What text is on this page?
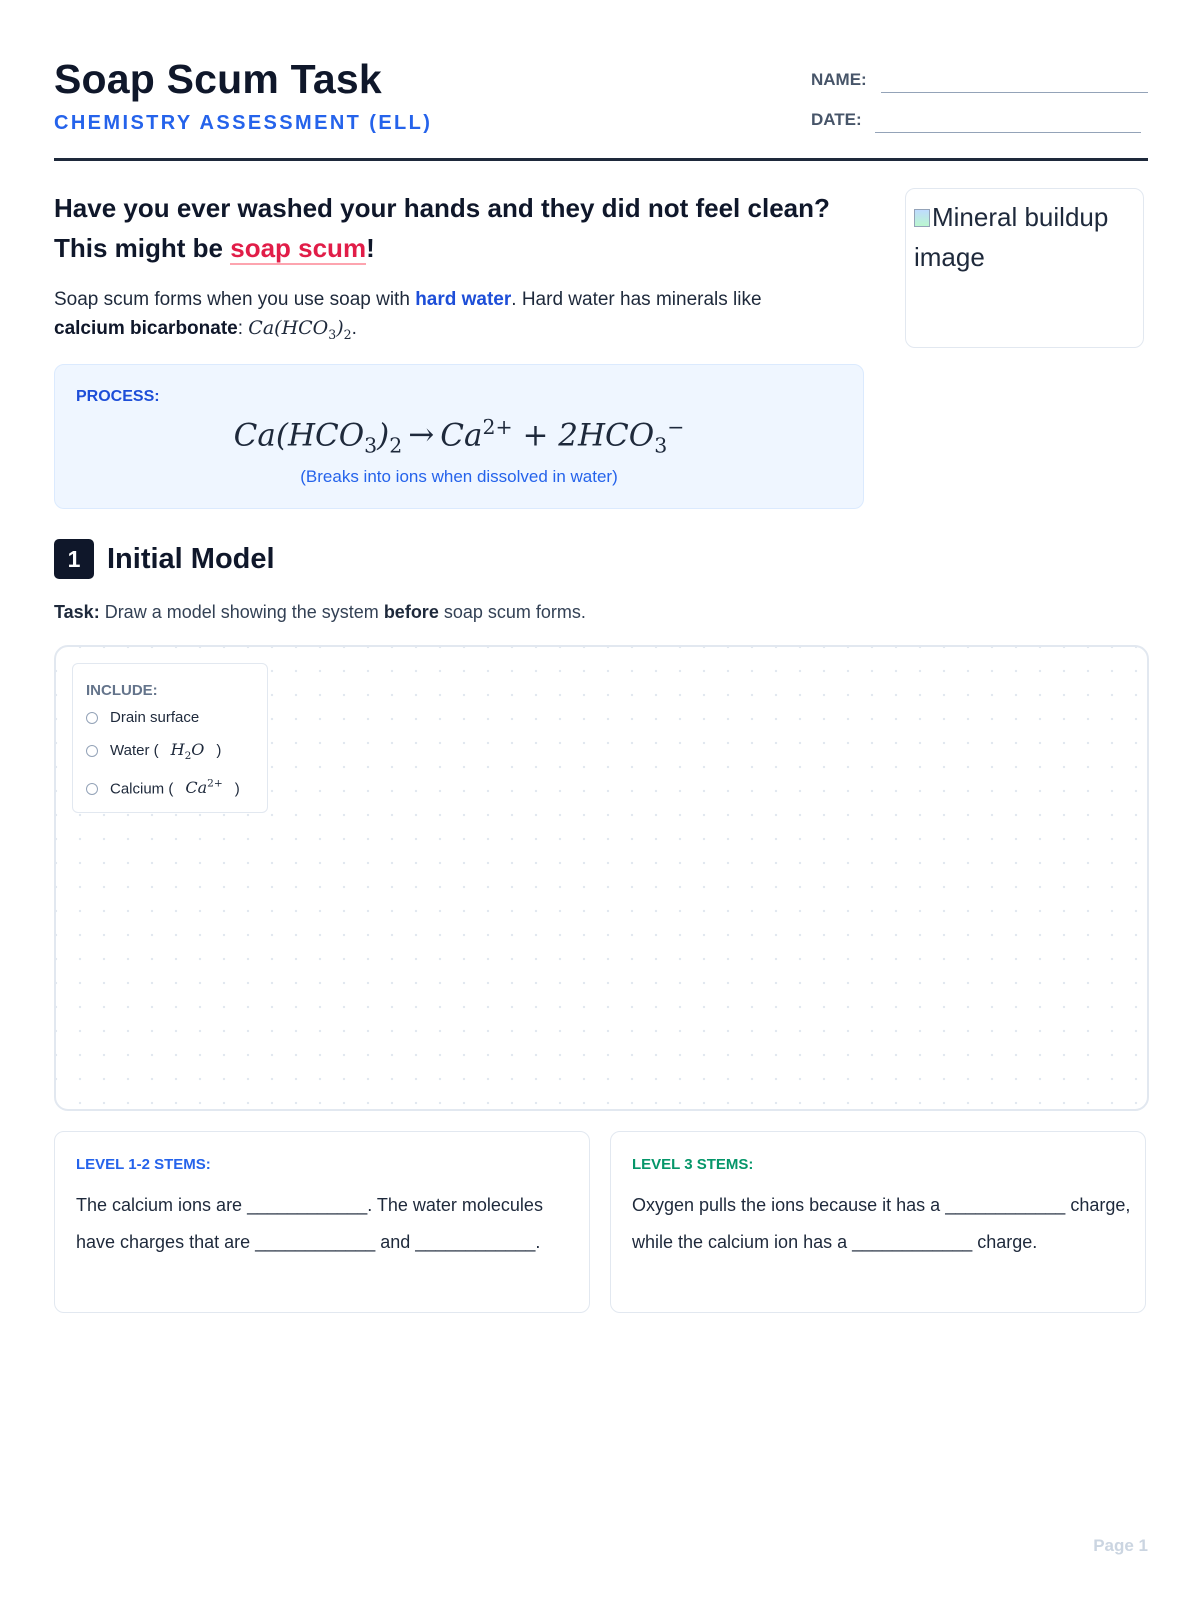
Soap Scum Task
CHEMISTRY ASSESSMENT (ELL)
NAME:
DATE:

Have you ever washed your hands and they did not feel clean?
This might be soap scum!

Soap scum forms when you use soap with hard water. Hard water has minerals like
calcium bicarbonate: $Ca(HCO_3)_2$.

Mineral buildup image
PROCESS:
$Ca(HCO_3)_2 \to Ca^{2+} + 2HCO_3^-$
(Breaks into ions when dissolved in water)
1 Initial Model

Task: Draw a model showing the system before soap scum forms.

INCLUDE:
Drain surface
Water ( $H_2O$ )
Calcium ( $Ca^{2+}$ )
LEVEL 1-2 STEMS:

The calcium ions are ____________. The water molecules have charges that are ____________ and ____________.

LEVEL 3 STEMS:

Oxygen pulls the ions because it has a ____________ charge, while the calcium ion has a ____________ charge.

Page 1
